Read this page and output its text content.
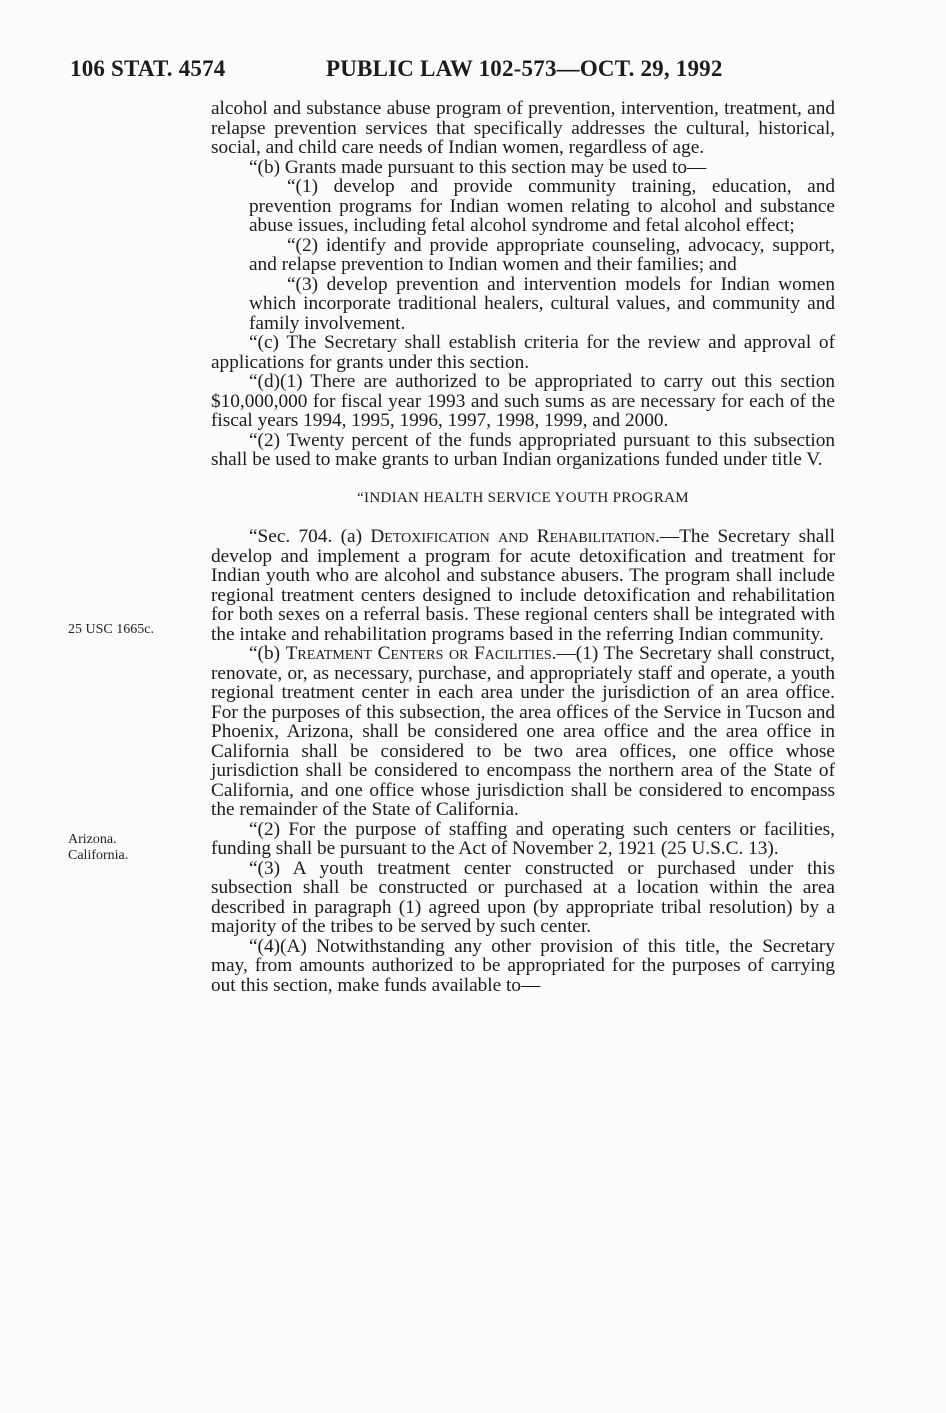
106 STAT. 4574	PUBLIC LAW 102-573—OCT. 29, 1992
25 USC 1665c.
Arizona.
California.

alcohol and substance abuse program of prevention, intervention, treatment, and relapse prevention services that specifically addresses the cultural, historical, social, and child care needs of Indian women, regardless of age.

“(b) Grants made pursuant to this section may be used to—

“(1) develop and provide community training, education, and prevention programs for Indian women relating to alcohol and substance abuse issues, including fetal alcohol syndrome and fetal alcohol effect;

“(2) identify and provide appropriate counseling, advocacy, support, and relapse prevention to Indian women and their families; and

“(3) develop prevention and intervention models for Indian women which incorporate traditional healers, cultural values, and community and family involvement.

“(c) The Secretary shall establish criteria for the review and approval of applications for grants under this section.

“(d)(1) There are authorized to be appropriated to carry out this section $10,000,000 for fiscal year 1993 and such sums as are necessary for each of the fiscal years 1994, 1995, 1996, 1997, 1998, 1999, and 2000.

“(2) Twenty percent of the funds appropriated pursuant to this subsection shall be used to make grants to urban Indian organizations funded under title V.

“INDIAN HEALTH SERVICE YOUTH PROGRAM

“Sec. 704. (a) Detoxification and Rehabilitation.—The Secretary shall develop and implement a program for acute detoxification and treatment for Indian youth who are alcohol and substance abusers. The program shall include regional treatment centers designed to include detoxification and rehabilitation for both sexes on a referral basis. These regional centers shall be integrated with the intake and rehabilitation programs based in the referring Indian community.

“(b) Treatment Centers or Facilities.—(1) The Secretary shall construct, renovate, or, as necessary, purchase, and appropriately staff and operate, a youth regional treatment center in each area under the jurisdiction of an area office. For the purposes of this subsection, the area offices of the Service in Tucson and Phoenix, Arizona, shall be considered one area office and the area office in California shall be considered to be two area offices, one office whose jurisdiction shall be considered to encompass the northern area of the State of California, and one office whose jurisdiction shall be considered to encompass the remainder of the State of California.

“(2) For the purpose of staffing and operating such centers or facilities, funding shall be pursuant to the Act of November 2, 1921 (25 U.S.C. 13).

“(3) A youth treatment center constructed or purchased under this subsection shall be constructed or purchased at a location within the area described in paragraph (1) agreed upon (by appropriate tribal resolution) by a majority of the tribes to be served by such center.

“(4)(A) Notwithstanding any other provision of this title, the Secretary may, from amounts authorized to be appropriated for the purposes of carrying out this section, make funds available to—
